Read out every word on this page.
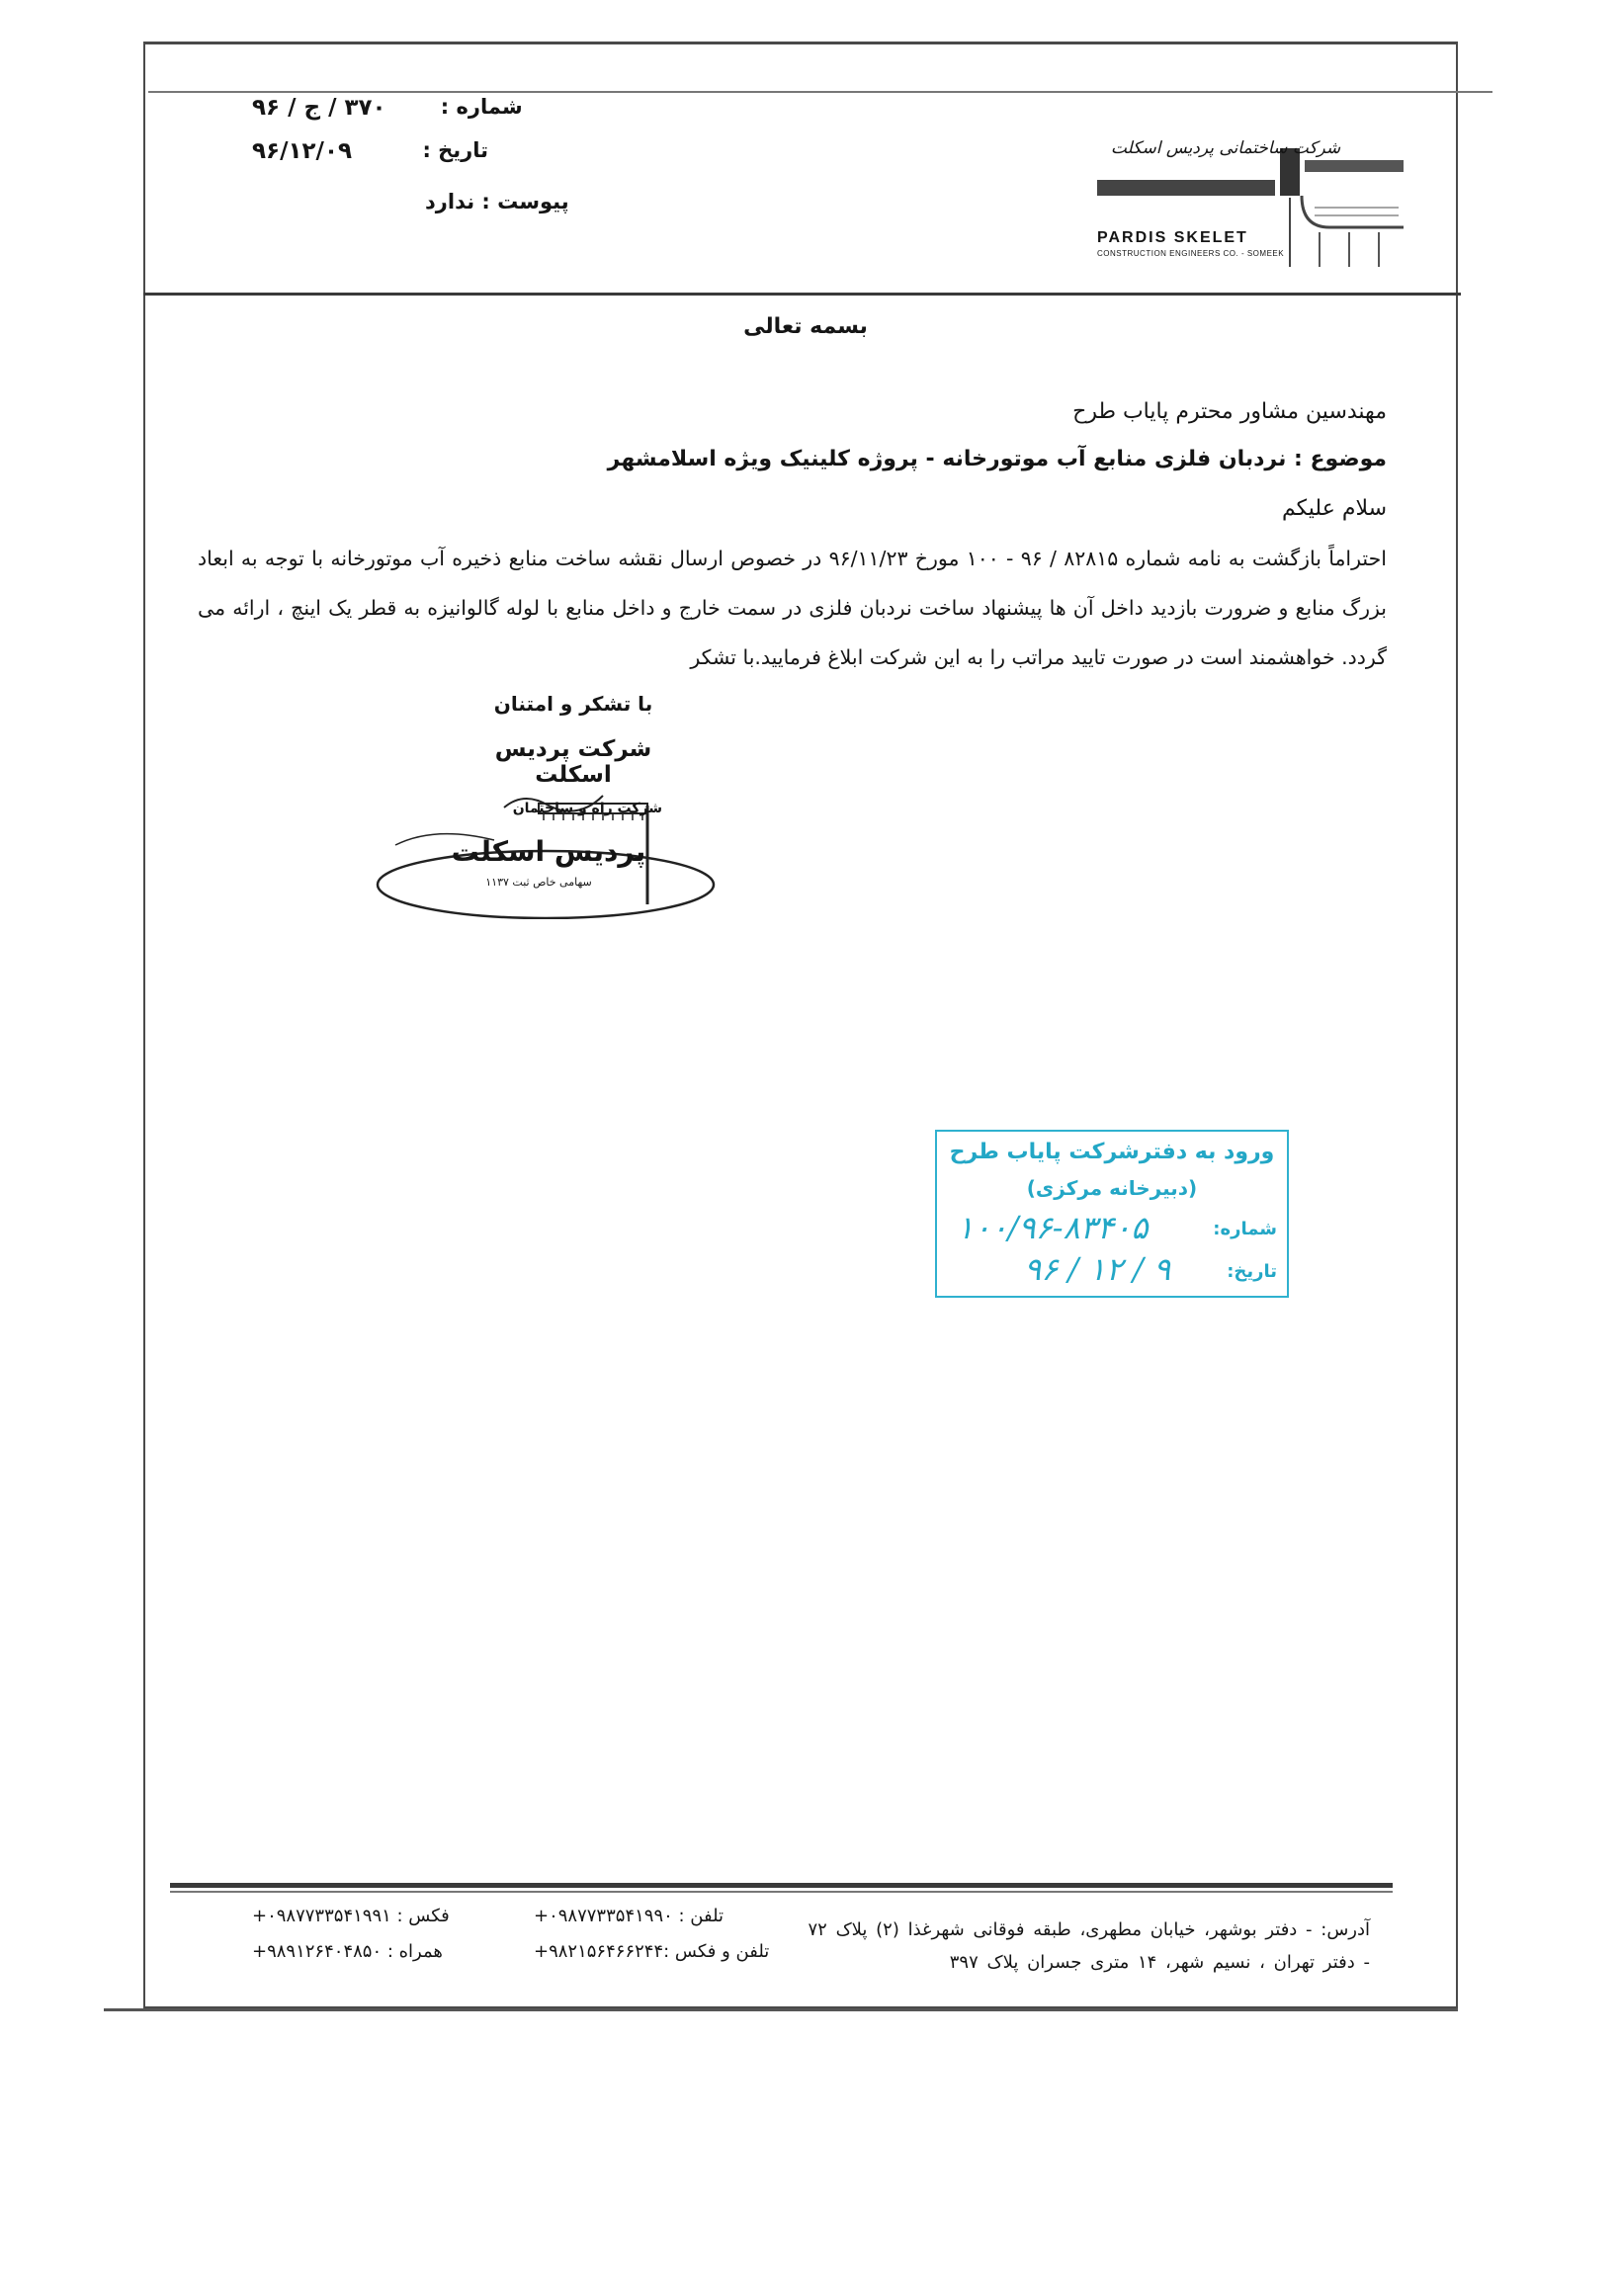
شماره :
۳۷۰ / ج / ۹۶
تاریخ :
۹۶/۱۲/۰۹
پیوست : ندارد
شرکت ساختمانی پردیس اسکلت
PARDIS SKELET
CONSTRUCTION ENGINEERS CO. - SOMEEK
بسمه تعالی
مهندسین مشاور محترم پایاب طرح
موضوع : نردبان فلزی منابع آب موتورخانه - پروژه کلینیک ویژه اسلامشهر
سلام علیکم
احتراماً بازگشت به نامه شماره ۸۲۸۱۵ / ۹۶ - ۱۰۰ مورخ ۹۶/۱۱/۲۳ در خصوص ارسال نقشه ساخت منابع ذخیره آب موتورخانه با توجه به ابعاد بزرگ منابع و ضرورت بازدید داخل آن ها پیشنهاد ساخت نردبان فلزی در سمت خارج و داخل منابع با لوله گالوانیزه به قطر یک اینچ ، ارائه می گردد. خواهشمند است در صورت تایید مراتب را به این شرکت ابلاغ فرمایید.با تشکر
با تشکر و امتنان
شرکت پردیس اسکلت
شرکت راه و ساختمان
پردیس اسکلت
سهامی خاص ثبت ۱۱۳۷
ورود به دفترشرکت پایاب طرح
(دبیرخانه مرکزی)
شماره:
۱۰۰/۹۶-۸۳۴۰۵
تاریخ:
۹۶ / ۱۲ / ۹
آدرس: - دفتر بوشهر، خیابان مطهری، طبقه فوقانی شهرغذا (۲) پلاک ۷۲
تلفن : ۰۹۸۷۷۳۳۵۴۱۹۹۰+
فکس : ۰۹۸۷۷۳۳۵۴۱۹۹۱+
- دفتر تهران ، نسیم شهر، ۱۴ متری جسران پلاک ۳۹۷
تلفن و فکس :۹۸۲۱۵۶۴۶۶۲۴۴+
همراه : ۹۸۹۱۲۶۴۰۴۸۵۰+
